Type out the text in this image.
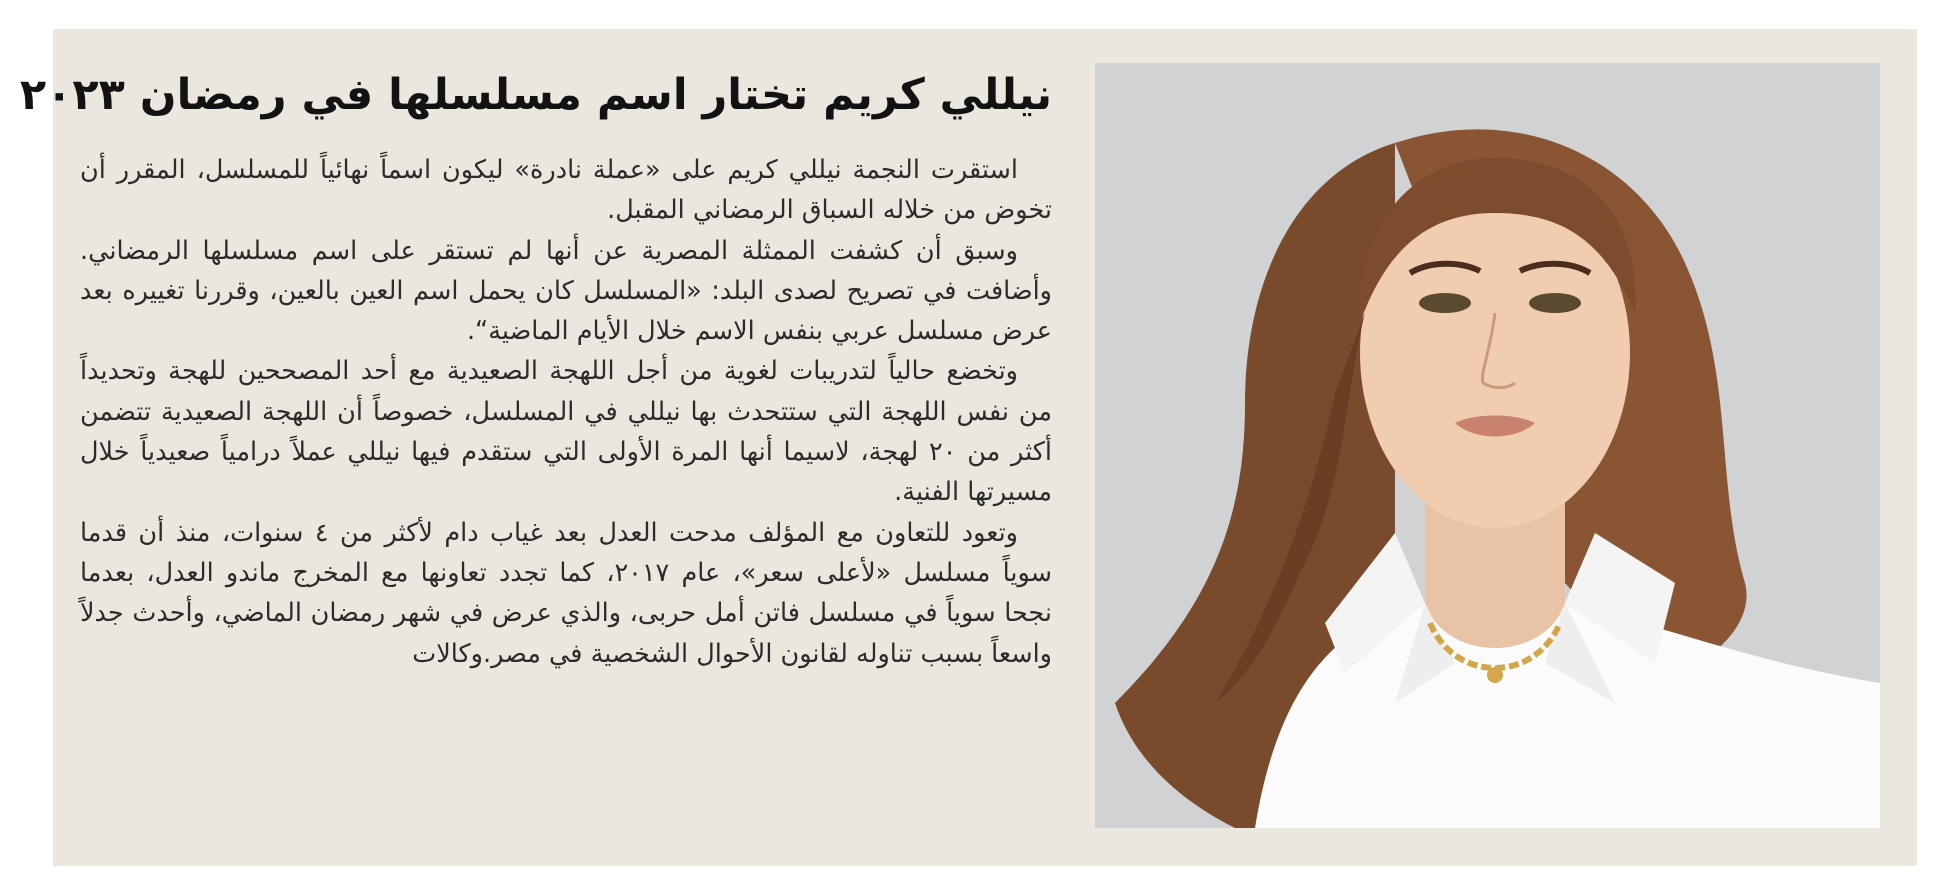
نيللي كريم تختار اسم مسلسلها في رمضان ٢٠٢٣

استقرت النجمة نيللي كريم على «عملة نادرة» ليكون اسماً نهائياً للمسلسل، المقرر أن تخوض من خلاله السباق الرمضاني المقبل.

وسبق أن كشفت الممثلة المصرية عن أنها لم تستقر على اسم مسلسلها الرمضاني. وأضافت في تصريح لصدى البلد: «المسلسل كان يحمل اسم العين بالعين، وقررنا تغييره بعد عرض مسلسل عربي بنفس الاسم خلال الأيام الماضية“.

وتخضع حالياً لتدريبات لغوية من أجل اللهجة الصعيدية مع أحد المصححين للهجة وتحديداً من نفس اللهجة التي ستتحدث بها نيللي في المسلسل، خصوصاً أن اللهجة الصعيدية تتضمن أكثر من ٢٠ لهجة، لاسيما أنها المرة الأولى التي ستقدم فيها نيللي عملاً درامياً صعيدياً خلال مسيرتها الفنية.

وتعود للتعاون مع المؤلف مدحت العدل بعد غياب دام لأكثر من ٤ سنوات، منذ أن قدما سوياً مسلسل «لأعلى سعر»، عام ٢٠١٧، كما تجدد تعاونها مع المخرج ماندو العدل، بعدما نجحا سوياً في مسلسل فاتن أمل حربى، والذي عرض في شهر رمضان الماضي، وأحدث جدلاً واسعاً بسبب تناوله لقانون الأحوال الشخصية في مصر.وكالات
